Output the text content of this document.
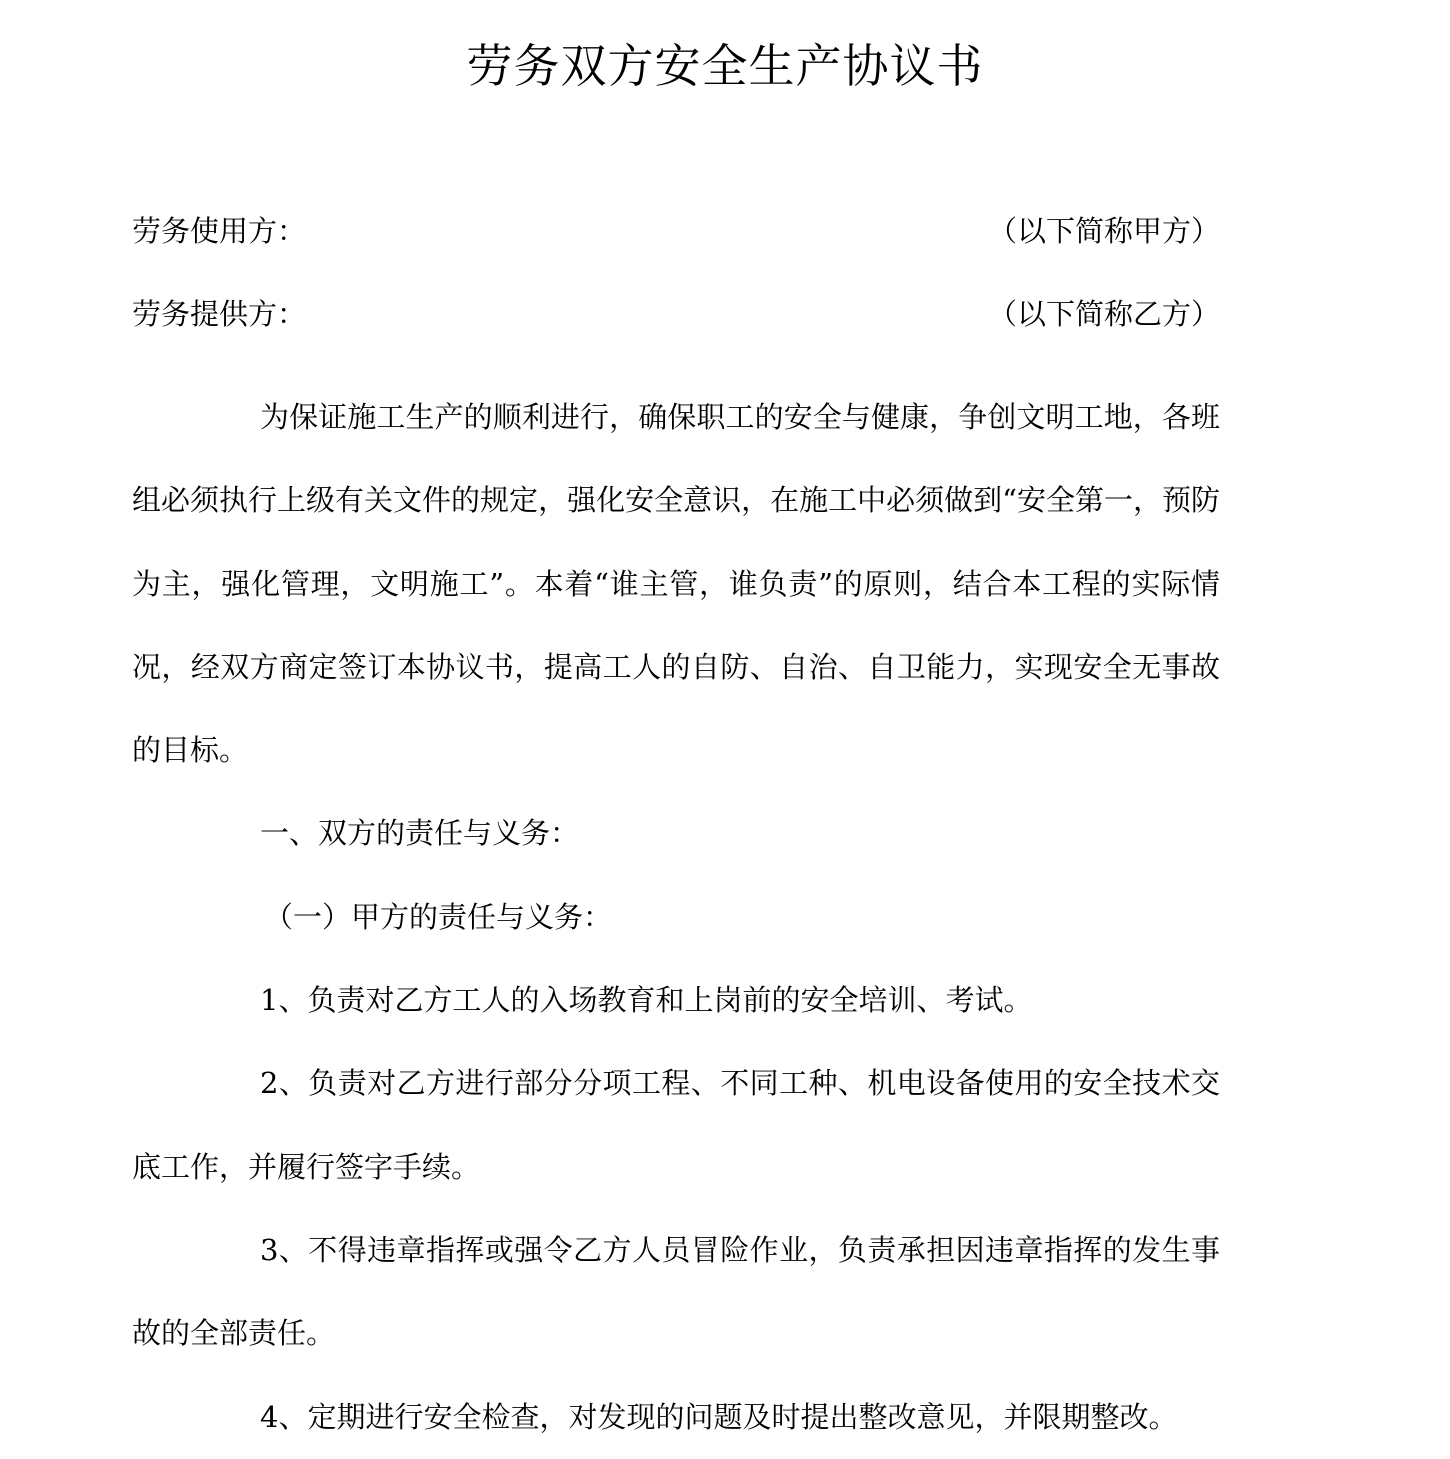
劳务双方安全生产协议书
劳务使用方：	（以下简称甲方）
劳务提供方：	（以下简称乙方）

为保证施工生产的顺利进行，确保职工的安全与健康，争创文明工地，各班组必须执行上级有关文件的规定，强化安全意识，在施工中必须做到“安全第一，预防为主，强化管理，文明施工”。本着“谁主管，谁负责”的原则，结合本工程的实际情况，经双方商定签订本协议书，提高工人的自防、自治、自卫能力，实现安全无事故的目标。

一、双方的责任与义务：

（一）甲方的责任与义务：

1、负责对乙方工人的入场教育和上岗前的安全培训、考试。

2、负责对乙方进行部分分项工程、不同工种、机电设备使用的安全技术交底工作，并履行签字手续。

3、不得违章指挥或强令乙方人员冒险作业，负责承担因违章指挥的发生事故的全部责任。

4、定期进行安全检查，对发现的问题及时提出整改意见，并限期整改。
